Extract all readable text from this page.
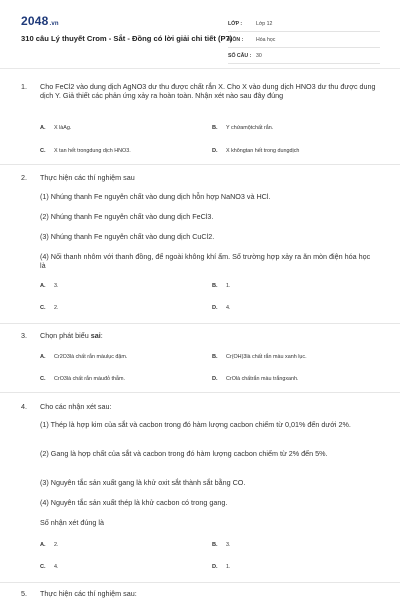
2048.vn
310 câu Lý thuyết Crom - Sắt - Đồng có lời giải chi tiết (P7)
LỚP :	Lớp 12
MÔN :	Hóa học
SỐ CÂU : 30
1. Cho FeCl2 vào dung dịch AgNO3 dư thu được chất rắn X. Cho X vào dung dịch HNO3 dư thu được dung dịch Y. Giả thiết các phản ứng xảy ra hoàn toàn. Nhận xét nào sau đây đúng

A. X làAg.	B. Y chứamộtchất rắn.
C. X tan hết trongdung dịch HNO3.	D. X khôngtan hết trong dungdịch
2. Thực hiện các thí nghiệm sau

(1) Nhúng thanh Fe nguyên chất vào dung dịch hỗn hợp NaNO3 và HCl.

(2) Nhúng thanh Fe nguyên chất vào dung dịch FeCl3.

(3) Nhúng thanh Fe nguyên chất vào dung dịch CuCl2.

(4) Nối thanh nhôm với thanh đồng, để ngoài không khí ẩm. Số trường hợp xảy ra ăn mòn điện hóa học là

A. 3.	B. 1.
C. 2.	D. 4.
3. Chọn phát biểu sai:

A. Cr2O3là chất rắn màulục đậm.	B. Cr(OH)3là chất rắn màu xanh lục.
C. CrO3là chất rắn màuđỏ thẫm.	D. CrOlà chấtrắn màu trắngxanh.
4. Cho các nhận xét sau:

(1) Thép là hợp kim của sắt và cacbon trong đó hàm lượng cacbon chiếm từ 0,01% đến dưới 2%.

(2) Gang là hợp chất của sắt và cacbon trong đó hàm lượng cacbon chiếm từ 2% đến 5%.

(3) Nguyên tắc sản xuất gang là khử oxit sắt thành sắt bằng CO.

(4) Nguyên tắc sản xuất thép là khử cacbon có trong gang.

Số nhận xét đúng là

A. 2.	B. 3.
C. 4.	D. 1.
5. Thực hiện các thí nghiệm sau:
